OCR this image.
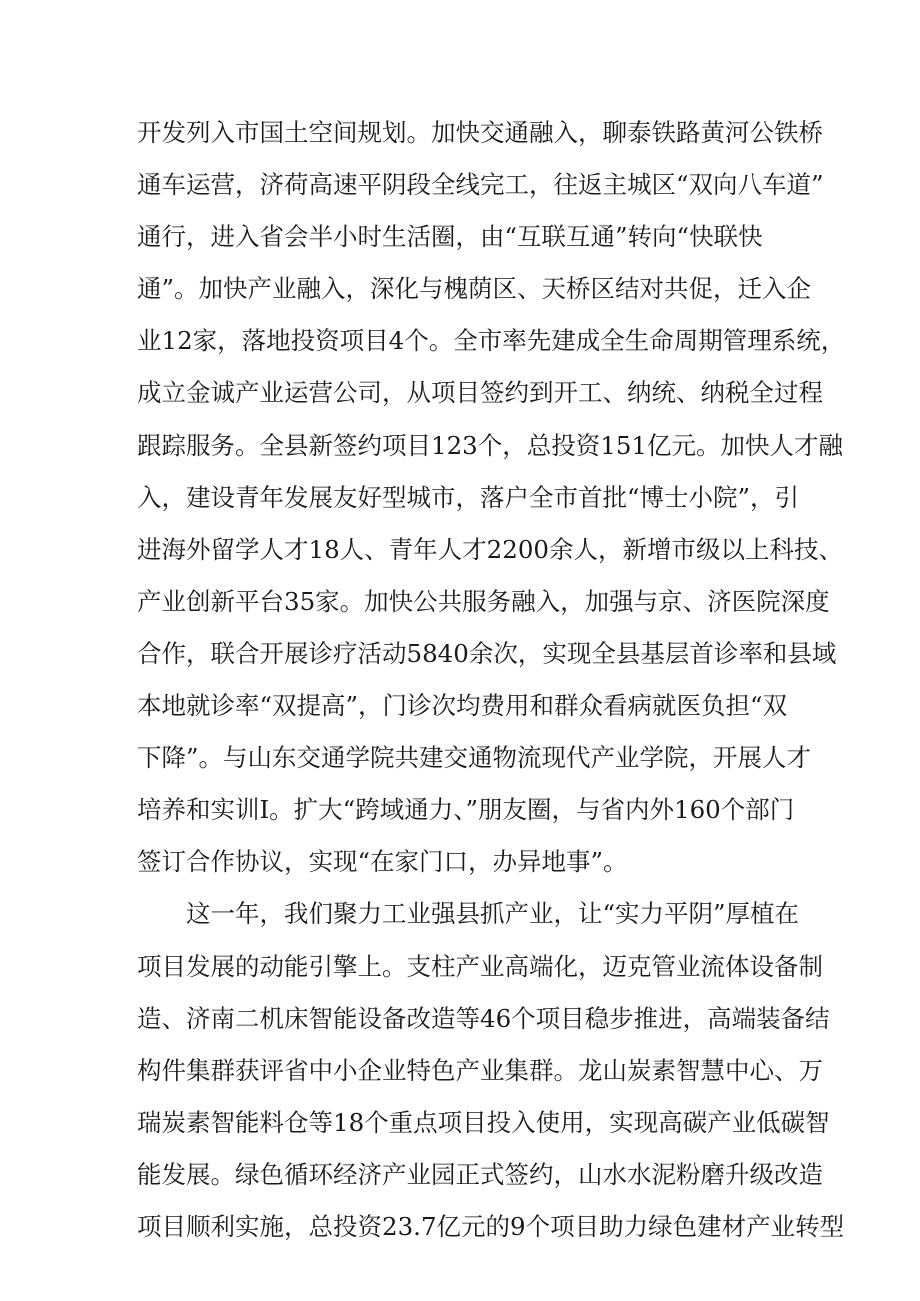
开发列入市国土空间规划。加快交通融入，聊泰铁路黄河公铁桥
通车运营，济荷高速平阴段全线完工，往返主城区“双向八车道”
通行，进入省会半小时生活圈，由“互联互通”转向“快联快
通”。加快产业融入，深化与槐荫区、天桥区结对共促，迁入企
业12家，落地投资项目4个。全市率先建成全生命周期管理系统，
成立金诚产业运营公司，从项目签约到开工、纳统、纳税全过程
跟踪服务。全县新签约项目123个，总投资151亿元。加快人才融
入，建设青年发展友好型城市，落户全市首批“博士小院”，引
进海外留学人才18人、青年人才2200余人，新增市级以上科技、
产业创新平台35家。加快公共服务融入，加强与京、济医院深度
合作，联合开展诊疗活动5840余次，实现全县基层首诊率和县域
本地就诊率“双提高”，门诊次均费用和群众看病就医负担“双
下降”。与山东交通学院共建交通物流现代产业学院，开展人才
培养和实训I。扩大“跨域通力、”朋友圈，与省内外160个部门
签订合作协议，实现“在家门口，办异地事”。
这一年，我们聚力工业强县抓产业，让“实力平阴”厚植在
项目发展的动能引擎上。支柱产业高端化，迈克管业流体设备制
造、济南二机床智能设备改造等46个项目稳步推进，高端装备结
构件集群获评省中小企业特色产业集群。龙山炭素智慧中心、万
瑞炭素智能料仓等18个重点项目投入使用，实现高碳产业低碳智
能发展。绿色循环经济产业园正式签约，山水水泥粉磨升级改造
项目顺利实施，总投资23.7亿元的9个项目助力绿色建材产业转型
